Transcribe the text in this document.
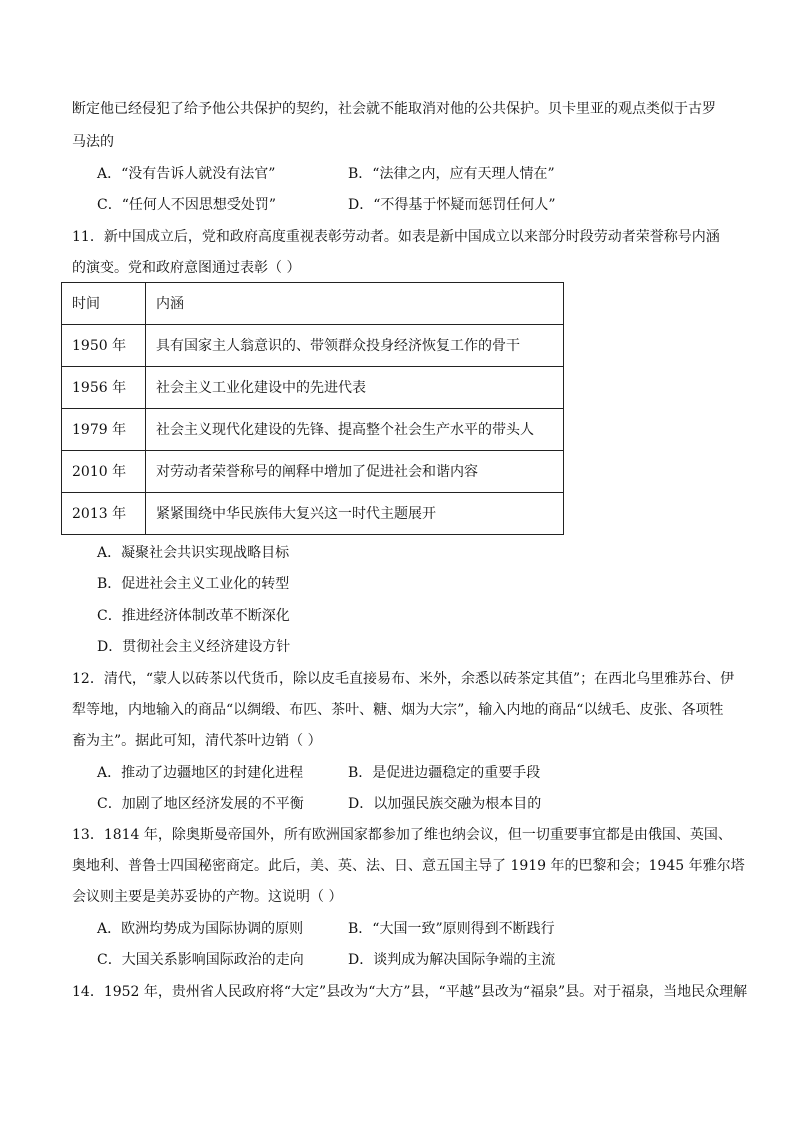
断定他已经侵犯了给予他公共保护的契约，社会就不能取消对他的公共保护。贝卡里亚的观点类似于古罗
马法的
A．“没有告诉人就没有法官”	B．“法律之内，应有天理人情在”
C．“任何人不因思想受处罚”	D．“不得基于怀疑而惩罚任何人”
11．新中国成立后，党和政府高度重视表彰劳动者。如表是新中国成立以来部分时段劳动者荣誉称号内涵
的演变。党和政府意图通过表彰（ ）
时间	内涵
1950 年	具有国家主人翁意识的、带领群众投身经济恢复工作的骨干
1956 年	社会主义工业化建设中的先进代表
1979 年	社会主义现代化建设的先锋、提高整个社会生产水平的带头人
2010 年	对劳动者荣誉称号的阐释中增加了促进社会和谐内容
2013 年	紧紧围绕中华民族伟大复兴这一时代主题展开
A．凝聚社会共识实现战略目标
B．促进社会主义工业化的转型
C．推进经济体制改革不断深化
D．贯彻社会主义经济建设方针
12．清代，“蒙人以砖茶以代货币，除以皮毛直接易布、米外，余悉以砖茶定其值”；在西北乌里雅苏台、伊
犁等地，内地输入的商品“以绸缎、布匹、茶叶、糖、烟为大宗”，输入内地的商品“以绒毛、皮张、各项牲
畜为主”。据此可知，清代茶叶边销（ ）
A．推动了边疆地区的封建化进程	B．是促进边疆稳定的重要手段
C．加剧了地区经济发展的不平衡	D．以加强民族交融为根本目的
13．1814 年，除奥斯曼帝国外，所有欧洲国家都参加了维也纳会议，但一切重要事宜都是由俄国、英国、
奥地利、普鲁士四国秘密商定。此后，美、英、法、日、意五国主导了 1919 年的巴黎和会；1945 年雅尔塔
会议则主要是美苏妥协的产物。这说明（ ）
A．欧洲均势成为国际协调的原则	B．“大国一致”原则得到不断践行
C．大国关系影响国际政治的走向	D．谈判成为解决国际争端的主流
14．1952 年，贵州省人民政府将“大定”县改为“大方”县，“平越”县改为“福泉”县。对于福泉，当地民众理解
